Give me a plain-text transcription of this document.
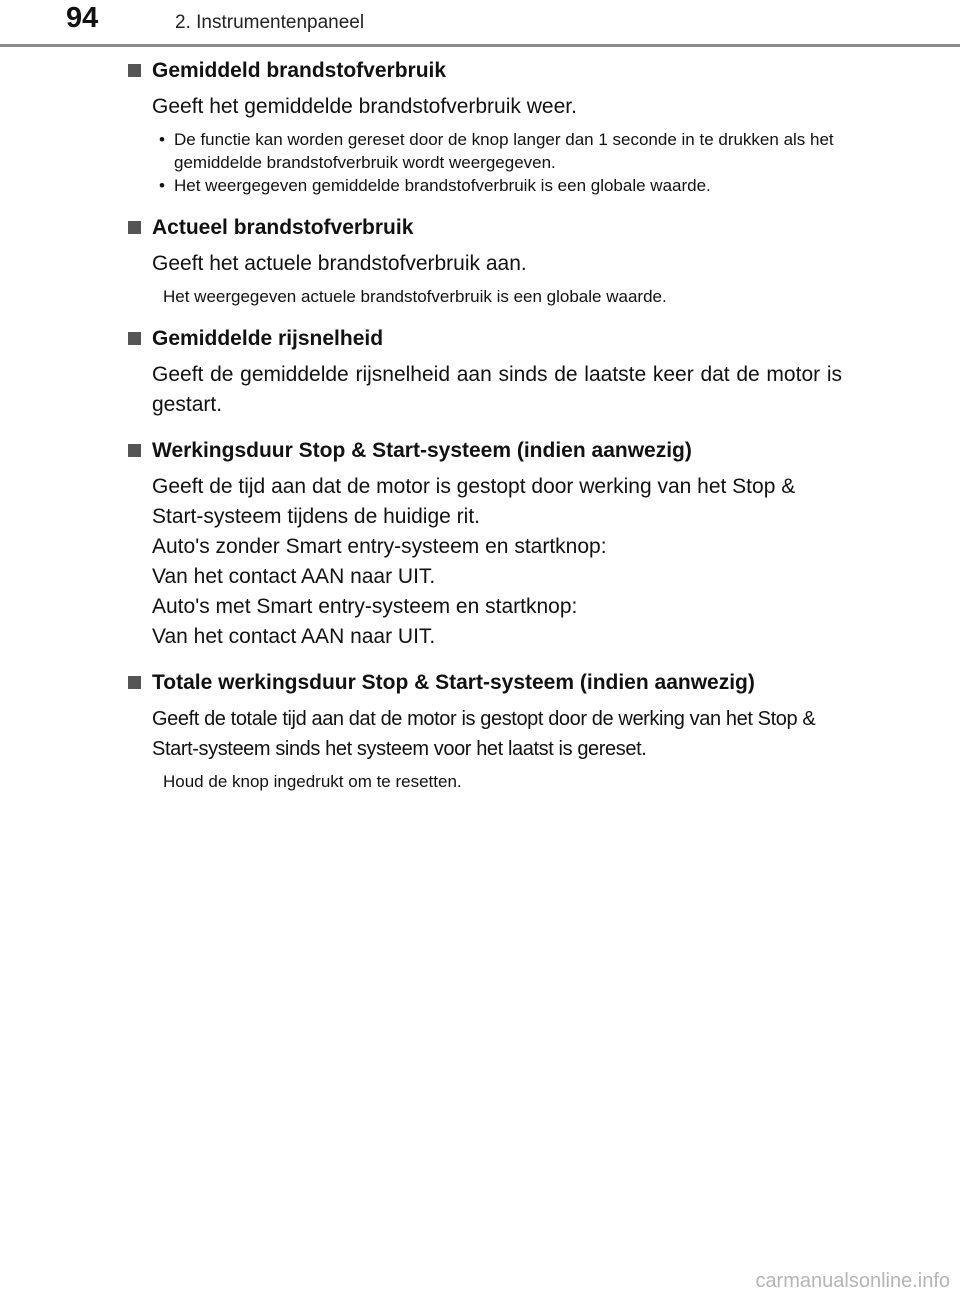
94	2. Instrumentenpaneel
Gemiddeld brandstofverbruik
Geeft het gemiddelde brandstofverbruik weer.
• De functie kan worden gereset door de knop langer dan 1 seconde in te drukken als het gemiddelde brandstofverbruik wordt weergegeven.
• Het weergegeven gemiddelde brandstofverbruik is een globale waarde.
Actueel brandstofverbruik
Geeft het actuele brandstofverbruik aan.
Het weergegeven actuele brandstofverbruik is een globale waarde.
Gemiddelde rijsnelheid
Geeft de gemiddelde rijsnelheid aan sinds de laatste keer dat de motor is gestart.
Werkingsduur Stop & Start-systeem (indien aanwezig)
Geeft de tijd aan dat de motor is gestopt door werking van het Stop & Start-systeem tijdens de huidige rit.
Auto's zonder Smart entry-systeem en startknop:
Van het contact AAN naar UIT.
Auto's met Smart entry-systeem en startknop:
Van het contact AAN naar UIT.
Totale werkingsduur Stop & Start-systeem (indien aanwezig)
Geeft de totale tijd aan dat de motor is gestopt door de werking van het Stop & Start-systeem sinds het systeem voor het laatst is gereset.
Houd de knop ingedrukt om te resetten.
carmanualsonline.info
